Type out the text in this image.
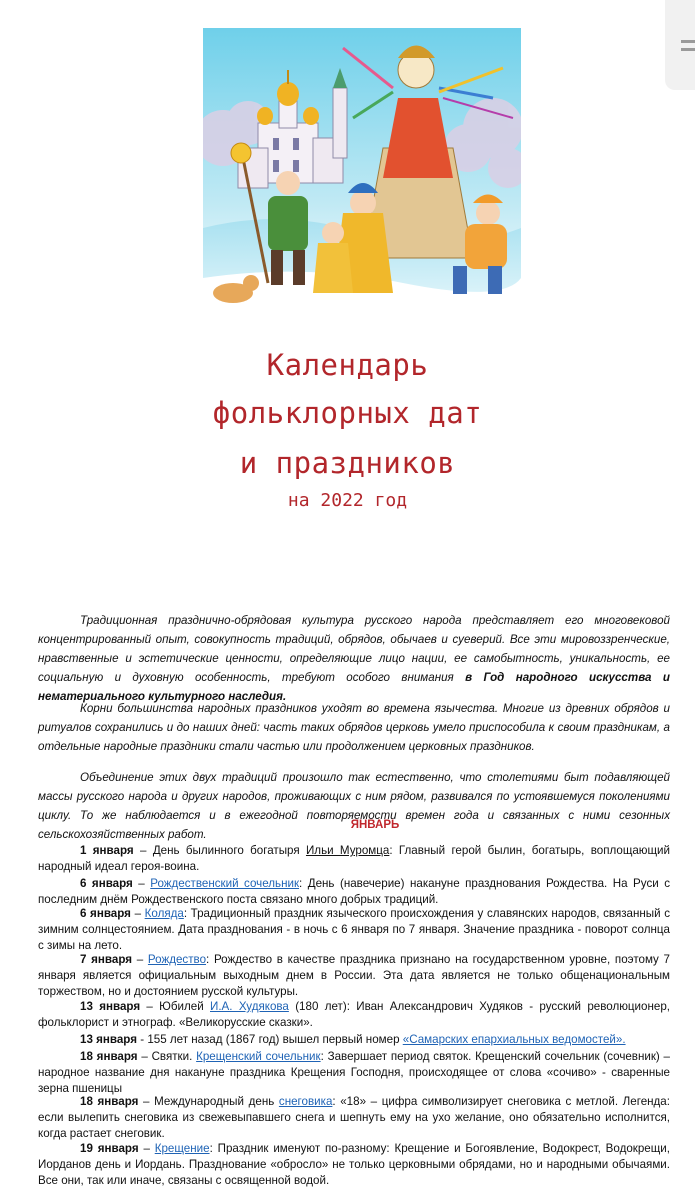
Календарь
фольклорных дат
и праздников
на 2022 год

Традиционная празднично-обрядовая культура русского народа представляет его многовековой концентрированный опыт, совокупность традиций, обрядов, обычаев и суеверий. Все эти мировоззренческие, нравственные и эстетические ценности, определяющие лицо нации, ее самобытность, уникальность, ее социальную и духовную особенность, требуют особого внимания в Год народного искусства и нематериального культурного наследия.

Корни большинства народных праздников уходят во времена язычества. Многие из древних обрядов и ритуалов сохранились и до наших дней: часть таких обрядов церковь умело приспособила к своим праздникам, а отдельные народные праздники стали частью или продолжением церковных праздников.

Объединение этих двух традиций произошло так естественно, что столетиями быт подавляющей массы русского народа и других народов, проживающих с ним рядом, развивался по устоявшемуся поколениями циклу. То же наблюдается и в ежегодной повторяемости времен года и связанных с ними сезонных сельскохозяйственных работ.

ЯНВАРЬ

1 января – День былинного богатыря Ильи Муромца: Главный герой былин, богатырь, воплощающий народный идеал героя-воина.

6 января – Рождественский сочельник: День (навечерие) накануне празднования Рождества. На Руси с последним днём Рождественского поста связано много добрых традиций.

6 января – Коляда: Традиционный праздник языческого происхождения у славянских народов, связанный с зимним солнцестоянием. Дата празднования - в ночь с 6 января по 7 января. Значение праздника - поворот солнца с зимы на лето.

7 января – Рождество: Рождество в качестве праздника признано на государственном уровне, поэтому 7 января является официальным выходным днем в России. Эта дата является не только общенациональным торжеством, но и достоянием русской культуры.

13 января – Юбилей И.А. Худякова (180 лет): Иван Александрович Худяков - русский революционер, фольклорист и этнограф. «Великорусские сказки».

13 января - 155 лет назад (1867 год) вышел первый номер «Самарских епархиальных ведомостей».

18 января – Святки. Крещенский сочельник: Завершает период святок. Крещенский сочельник (сочевник) – народное название дня накануне праздника Крещения Господня, происходящее от слова «сочиво» - сваренные зерна пшеницы

18 января – Международный день снеговика: «18» – цифра символизирует снеговика с метлой. Легенда: если вылепить снеговика из свежевыпавшего снега и шепнуть ему на ухо желание, оно обязательно исполнится, когда растает снеговик.

19 января – Крещение: Праздник именуют по-разному: Крещение и Богоявление, Водокрест, Водокрещи, Иорданов день и Иордань. Празднование «обросло» не только церковными обрядами, но и народными обычаями. Все они, так или иначе, связаны с освященной водой.
